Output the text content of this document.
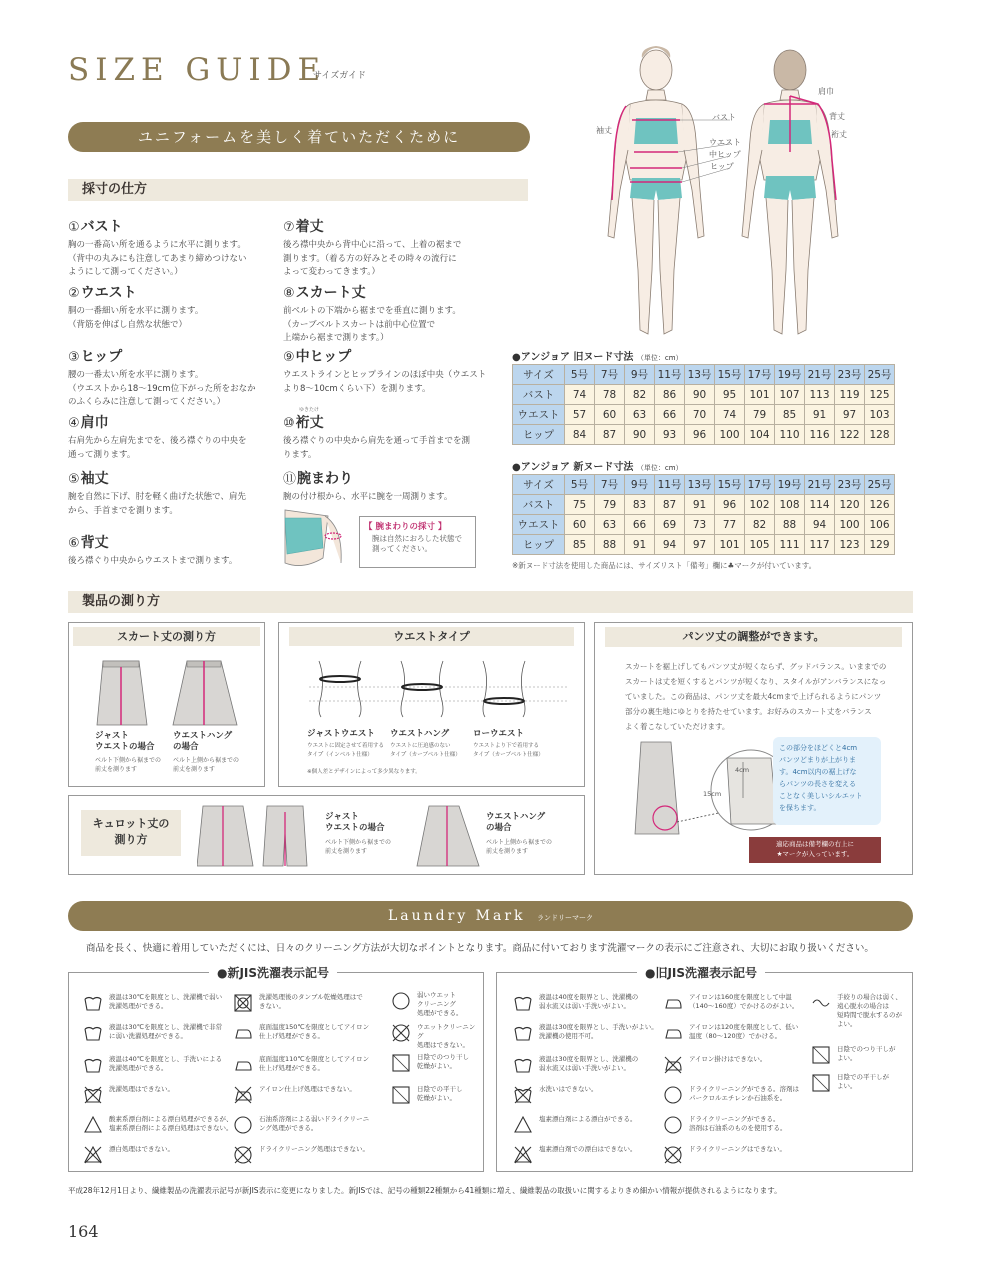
SIZE GUIDE
サイズガイド
ユニフォームを美しく着ていただくために
採寸の仕方
①バスト
胸の一番高い所を通るように水平に測ります。
（背中の丸みにも注意してあまり締めつけない
ようにして測ってください。）
②ウエスト
胴の一番細い所を水平に測ります。
（背筋を伸ばし自然な状態で）
③ヒップ
腰の一番太い所を水平に測ります。
（ウエストから18〜19cm位下がった所をおなか
のふくらみに注意して測ってください。）
④肩巾
右肩先から左肩先までを、後ろ襟ぐりの中央を
通って測ります。
⑤袖丈
腕を自然に下げ、肘を軽く曲げた状態で、肩先
から、手首までを測ります。
⑥背丈
後ろ襟ぐり中央からウエストまで測ります。
⑦着丈
後ろ襟中央から背中心に沿って、上着の裾まで
測ります。（着る方の好みとその時々の流行に
よって変わってきます。）
⑧スカート丈
前ベルトの下端から裾までを垂直に測ります。
（カーブベルトスカートは前中心位置で
上端から裾まで測ります。）
⑨中ヒップ
ウエストラインとヒップラインのほぼ中央（ウエスト
より8〜10cmくらい下）を測ります。
⑩裄丈
ゆきたけ
後ろ襟ぐりの中央から肩先を通って手首までを測
ります。
⑪腕まわり
腕の付け根から、水平に腕を一周測ります。
【 腕まわりの採寸 】
腕は自然におろした状態で
測ってください。
袖丈
バスト
ウエスト
中ヒップ
ヒップ
肩巾
背丈
裄丈
●アンジョア 旧ヌード寸法 （単位：cm）
サイズ	5号	7号	9号	11号	13号	15号	17号	19号	21号	23号	25号
バスト	74	78	82	86	90	95	101	107	113	119	125
ウエスト	57	60	63	66	70	74	79	85	91	97	103
ヒップ	84	87	90	93	96	100	104	110	116	122	128
●アンジョア 新ヌード寸法 （単位：cm）
サイズ	5号	7号	9号	11号	13号	15号	17号	19号	21号	23号	25号
バスト	75	79	83	87	91	96	102	108	114	120	126
ウエスト	60	63	66	69	73	77	82	88	94	100	106
ヒップ	85	88	91	94	97	101	105	111	117	123	129
※新ヌード寸法を使用した商品には、サイズリスト「備考」欄に♣マークが付いています。
製品の測り方
スカート丈の測り方
ジャスト
ウエストの場合
ベルト下側から裾までの
前丈を測ります
ウエストハング
の場合
ベルト上側から裾までの
前丈を測ります
ウエストタイプ
ジャストウエスト
ウエストに固定させて着用する
タイプ（インベルト仕様）
ウエストハング
ウエストに圧迫感のない
タイプ（カーブベルト仕様）
ローウエスト
ウエストより下で着用する
タイプ（カーブベルト仕様）
※個人差とデザインによって多少異なります。
パンツ丈の調整ができます。
スカートを裾上げしてもパンツ丈が短くならず、グッドバランス。いままでの
スカートは丈を短くするとパンツが短くなり、スタイルがアンバランスになっ
ていました。この商品は、パンツ丈を最大4cmまで上げられるようにパンツ
部分の裏生地にゆとりを持たせています。お好みのスカート丈をバランス
よく着こなしていただけます。
4cm
15cm
この部分をほどくと4cm
パンツどまりが上がりま
す。4cm以内の裾上げな
らパンツの長さを変える
ことなく美しいシルエット
を保ちます。
適応商品は備考欄の右上に
★マークが入っています。
キュロット丈の
測り方
ジャスト
ウエストの場合
ベルト下側から裾までの
前丈を測ります
ウエストハング
の場合
ベルト上側から裾までの
前丈を測ります
Laundry Mark ランドリーマーク
商品を長く、快適に着用していただくには、日々のクリーニング方法が大切なポイントとなります。商品に付いております洗濯マークの表示にご注意され、大切にお取り扱いください。
●新JIS洗濯表示記号
液温は30℃を限度とし、洗濯機で弱い
洗濯処理ができる。
液温は30℃を限度とし、洗濯機で非常
に弱い洗濯処理ができる。
液温は40℃を限度とし、手洗いによる
洗濯処理ができる。
洗濯処理はできない。
酸素系漂白剤による漂白処理ができるが、
塩素系漂白剤による漂白処理はできない。
漂白処理はできない。
洗濯処理後のタンブル乾燥処理はで
きない。
底面温度150℃を限度としてアイロン
仕上げ処理ができる。
底面温度110℃を限度としてアイロン
仕上げ処理ができる。
アイロン仕上げ処理はできない。
石油系溶剤による弱いドライクリーニ
ング処理ができる。
ドライクリーニング処理はできない。
弱いウエット
クリーニング
処理ができる。
ウエットクリーニング
処理はできない。
日陰でのつり干し
乾燥がよい。
日陰での平干し
乾燥がよい。
●旧JIS洗濯表示記号
液温は40度を限界とし、洗濯機の
弱水流又は弱い手洗いがよい。
液温は30度を限界とし、手洗いがよい。
洗濯機の使用不可。
液温は30度を限界とし、洗濯機の
弱水流又は弱い手洗いがよい。
水洗いはできない。
塩素漂白剤による漂白ができる。
塩素漂白剤での漂白はできない。
アイロンは160度を限度として中温
（140〜160度）でかけるのがよい。
アイロンは120度を限度として、低い
温度（80〜120度）でかける。
アイロン掛けはできない。
ドライクリーニングができる。溶剤は
パークロルエチレンか石油系を。
ドライクリーニングができる。
溶剤は石油系のものを使用する。
ドライクリーニングはできない。
手絞りの場合は弱く、
遠心脱水の場合は
短時間で脱水するのが
よい。
日陰でのつり干しが
よい。
日陰での平干しが
よい。
平成28年12月1日より、繊維製品の洗濯表示記号が新JIS表示に変更になりました。新JISでは、記号の種類22種類から41種類に増え、繊維製品の取扱いに関するよりきめ細かい情報が提供されるようになります。
164
